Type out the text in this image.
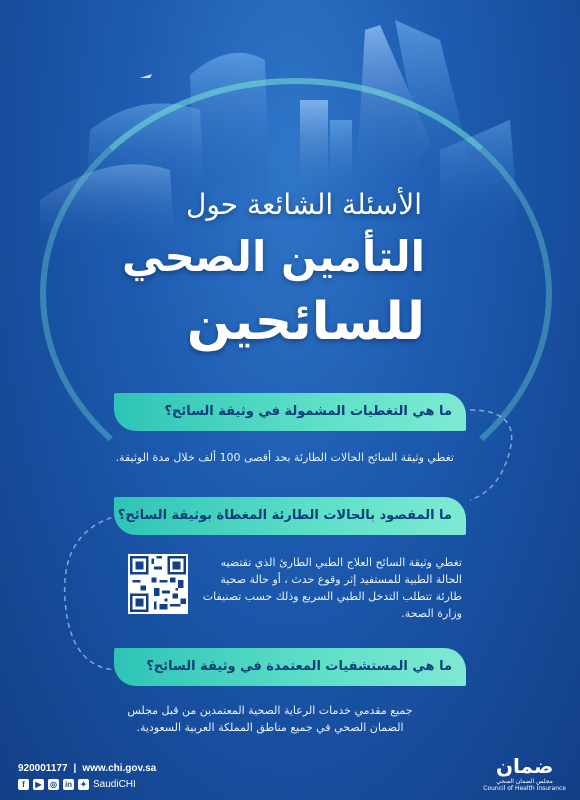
الأسئلة الشائعة حول
التأمين الصحي
للسائحين
ما هي التغطيات المشمولة في وثيقة السائح؟
تغطي وثيقة السائح الحالات الطارئة بحد أقصى 100 ألف خلال مدة الوثيقة.
ما المقصود بالحالات الطارئة المغطاة بوثيقة السائح؟
تغطي وثيقة السائح العلاج الطبي الطارئ الذي تقتضيه الحالة الطبية للمستفيد إثر وقوع حدث ، أو حالة صحية طارئة تتطلب التدخل الطبي السريع وذلك حسب تصنيفات وزارة الصحة.
ما هي المستشفيات المعتمدة في وثيقة السائح؟
جميع مقدمي خدمات الرعاية الصحية المعتمدين من قبل مجلس الضمان الصحي في جميع مناطق المملكة العربية السعودية.
920001177 | www.chi.gov.sa
f	▶	◎ in ✦ SaudiCHI
ضمان
مجلس الضمان الصحي
Council of Health Insurance
